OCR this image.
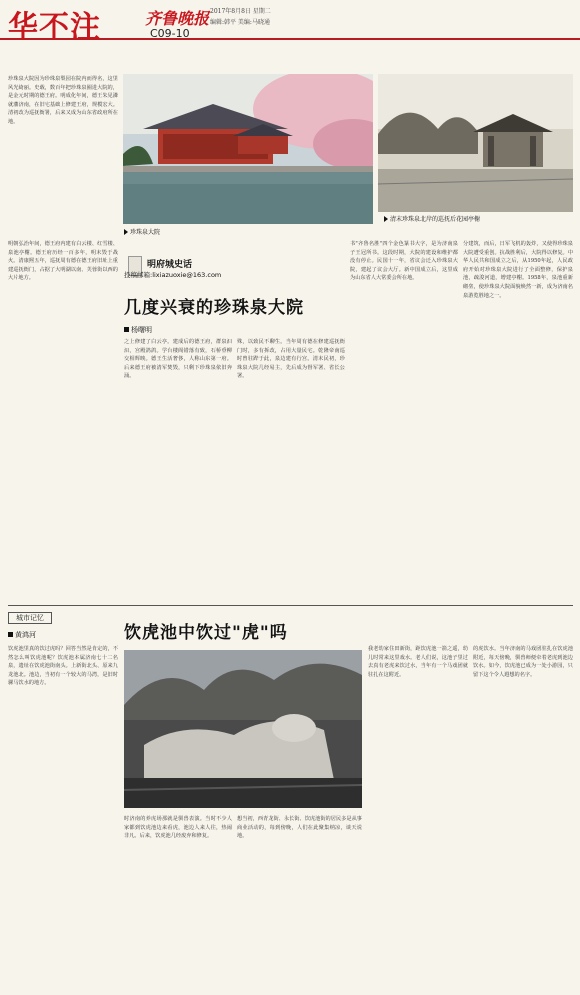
华不注	齐鲁晚报 2017年8月8日 星期二
编辑:韩平 美编:马晓通
C09-10
珍珠泉大院因为珍珠泉梨园在院内而得名，这里风光绮丽。史载，数百年把珍珠泉圈进大院的，是金元时期的德王府。明成化年间，德王朱见潾就藩济南，在旧宅基础上修建王府，规模宏大。清初改为巡抚衙署，后来又成为山东省政府所在地。
珍珠泉大院
清末珍珠泉北岸的巡抚后花园亭榭
明府城史话
投稿邮箱:lixiazuoxie@163.com
几度兴衰的珍珠泉大院
杨曙明
明朝弘治年间，德王府内建有白云楼、红雪楼、泉池亭榭。德王府历经一百多年，明末毁于战火。清康熙五年，巡抚周有德在德王府旧址上重建巡抚衙门，占据了大明湖以南、芙蓉街以西的大片地方。
之上修建了白云亭。建成后的德王府，群泉汩汩，宫殿鸽鸽。学台楼阁错落有致，石桥垂柳交相辉映。德王生活奢侈，人称山东第一府。后来德王府被清军焚毁，只剩下珍珠泉依旧奔涌。
殊，以致民不聊生。当年周有德在修建巡抚衙门时，多有拆改，占用大量民宅。乾隆帝南巡时曾驻跸于此，泉边建有行宫。清末民初，珍珠泉大院几经易主，先后成为督军署、省长公署。
书"齐鲁名胜"四个金色篆书大字，是为济南泉子王冠所书。这段时期，大院的建设和维护都没有停止。民国十一年，省议会迁入珍珠泉大院，建起了议会大厅。新中国成立后，这里成为山东省人大常委会所在地。
分建筑，而后，日军飞机的轰炸，又使得珍珠泉大院遭受重创。抗战胜利后，大院得以修复。中华人民共和国成立之后，从1950年起，人民政府开始对珍珠泉大院进行了全面整修，保护泉池，疏浚河道，增建亭榭。1958年，泉池重新砌垒，使珍珠泉大院面貌焕然一新，成为济南名泉游览胜地之一。
城市记忆
黄鸿河	饮虎池中饮过"虎"吗
饮虎池里真的饮过虎吗？回答当然是肯定的，不然怎么叫饮虎池呢？饮虎池本属济南七十二名泉，遗址在饮虎池街南头。上新街北头、原来九龙池北。池边，当初有一个较大的马湾，是旧时骡马饮水的地方。
时济南的养虎场那就是驯兽表演。当时不少人家都到饮虎池边来看虎，池边人来人往，热闹非凡。后来，饮虎池几经废弃和修复。
想当初，西青龙街、永长街、饮虎池街的居民多是从事商业活动的，每到傍晚，人们在此聚集纳凉，谈天说地。
我老幼家住田新街，距饮虎池一箭之遥，幼儿时常来这里戏水。老人们说，这池子里过去真有老虎来饮过水，当年有一个马戏团就驻扎在这附近。
的虎饮水。当年济南的马戏团驻扎在饮虎池附近，每天傍晚，驯兽师便牵着老虎到池边饮水。如今，饮虎池已成为一处小游园，只留下这个令人遐想的名字。
